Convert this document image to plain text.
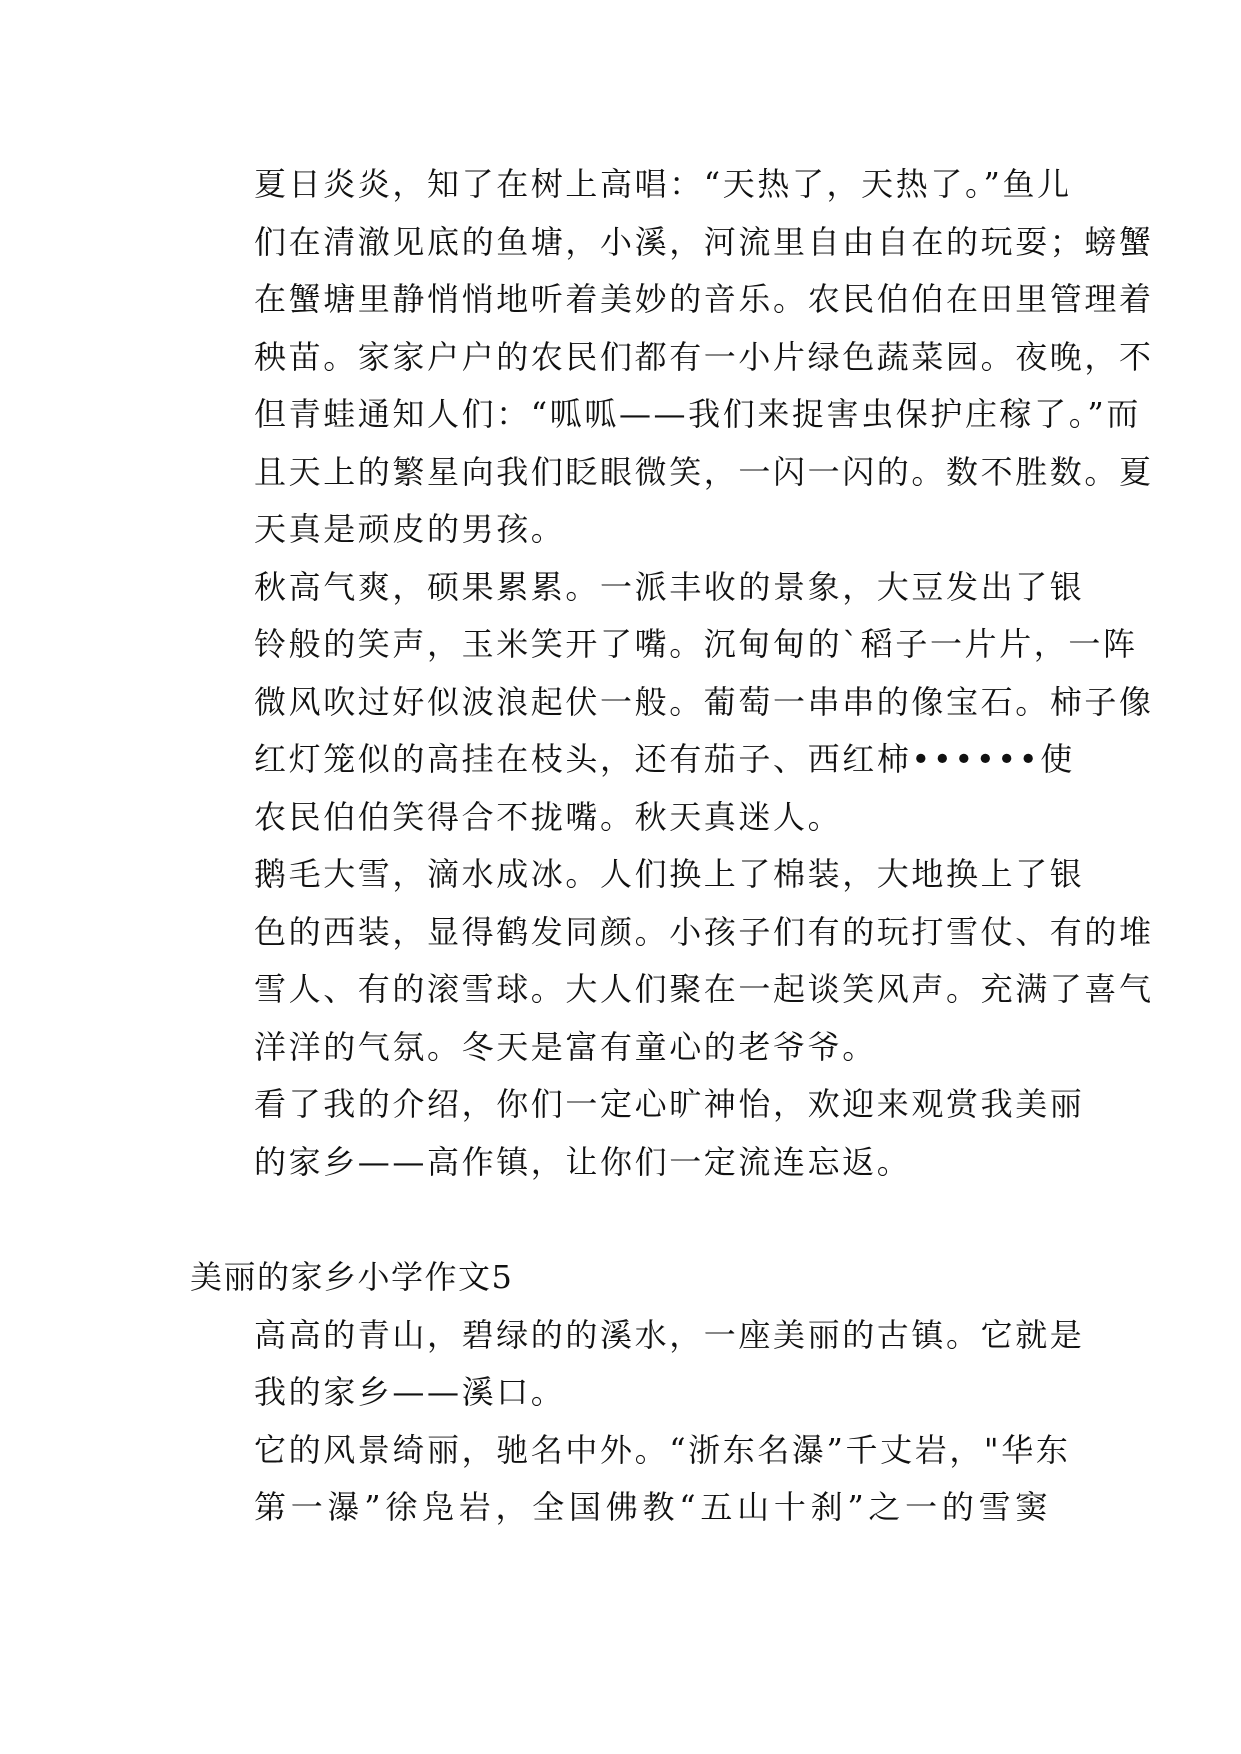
夏日炎炎，知了在树上高唱：“天热了，天热了。”鱼儿
们在清澈见底的鱼塘，小溪，河流里自由自在的玩耍；螃蟹
在蟹塘里静悄悄地听着美妙的音乐。农民伯伯在田里管理着
秧苗。家家户户的农民们都有一小片绿色蔬菜园。夜晚，不
但青蛙通知人们：“呱呱——我们来捉害虫保护庄稼了。”而
且天上的繁星向我们眨眼微笑，一闪一闪的。数不胜数。夏
天真是顽皮的男孩。
秋高气爽，硕果累累。一派丰收的景象，大豆发出了银
铃般的笑声，玉米笑开了嘴。沉甸甸的`稻子一片片，一阵
微风吹过好似波浪起伏一般。葡萄一串串的像宝石。柿子像
红灯笼似的高挂在枝头，还有茄子、西红柿••••••使
农民伯伯笑得合不拢嘴。秋天真迷人。
鹅毛大雪，滴水成冰。人们换上了棉装，大地换上了银
色的西装，显得鹤发同颜。小孩子们有的玩打雪仗、有的堆
雪人、有的滚雪球。大人们聚在一起谈笑风声。充满了喜气
洋洋的气氛。冬天是富有童心的老爷爷。
看了我的介绍，你们一定心旷神怡，欢迎来观赏我美丽
的家乡——高作镇，让你们一定流连忘返。
美丽的家乡小学作文5
高高的青山，碧绿的的溪水，一座美丽的古镇。它就是
我的家乡——溪口。
它的风景绮丽，驰名中外。“浙东名瀑”千丈岩，"华东
第一瀑”徐凫岩，全国佛教“五山十刹”之一的雪窦
